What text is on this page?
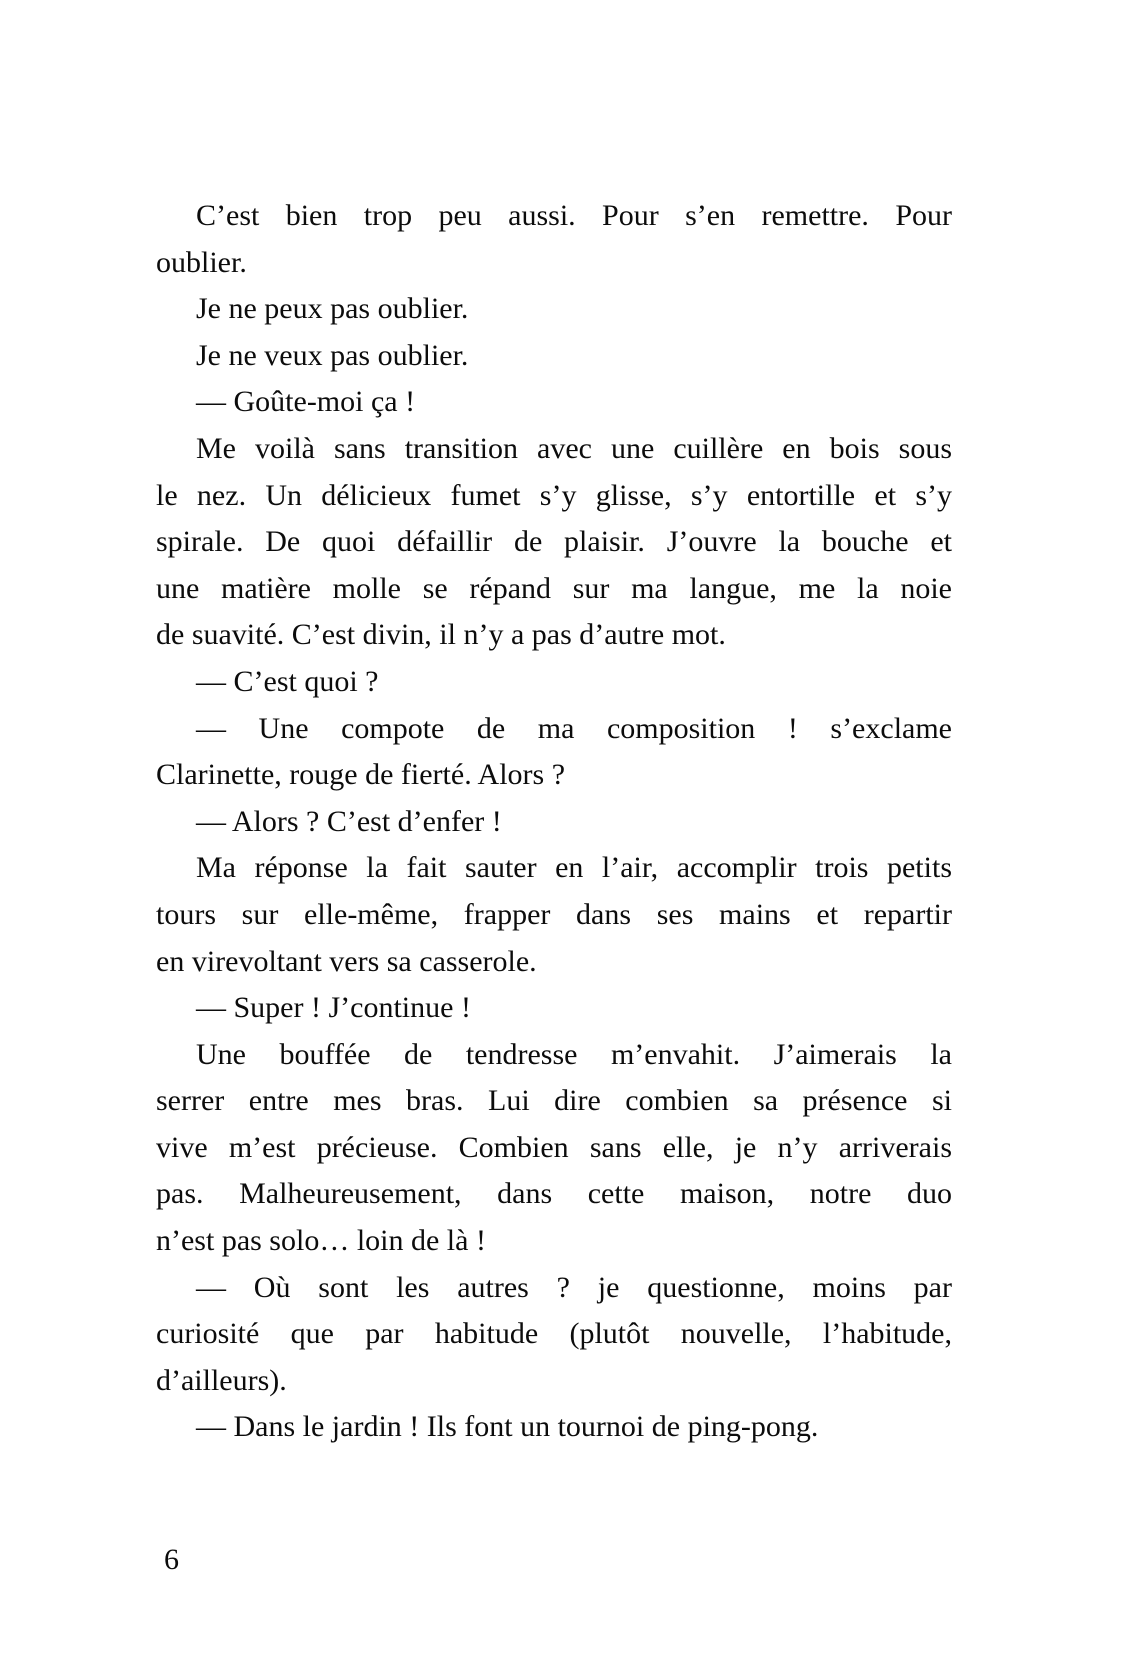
C’est bien trop peu aussi. Pour s’en remettre. Pour
oublier.
Je ne peux pas oublier.
Je ne veux pas oublier.
— Goûte-moi ça !
Me voilà sans transition avec une cuillère en bois sous
le nez. Un délicieux fumet s’y glisse, s’y entortille et s’y
spirale. De quoi défaillir de plaisir. J’ouvre la bouche et
une matière molle se répand sur ma langue, me la noie
de suavité. C’est divin, il n’y a pas d’autre mot.
— C’est quoi ?
— Une compote de ma composition ! s’exclame
Clarinette, rouge de fierté. Alors ?
— Alors ? C’est d’enfer !
Ma réponse la fait sauter en l’air, accomplir trois petits
tours sur elle-même, frapper dans ses mains et repartir
en virevoltant vers sa casserole.
— Super ! J’continue !
Une bouffée de tendresse m’envahit. J’aimerais la
serrer entre mes bras. Lui dire combien sa présence si
vive m’est précieuse. Combien sans elle, je n’y arriverais
pas. Malheureusement, dans cette maison, notre duo
n’est pas solo… loin de là !
— Où sont les autres ? je questionne, moins par
curiosité que par habitude (plutôt nouvelle, l’habitude,
d’ailleurs).
— Dans le jardin ! Ils font un tournoi de ping-pong.
6
